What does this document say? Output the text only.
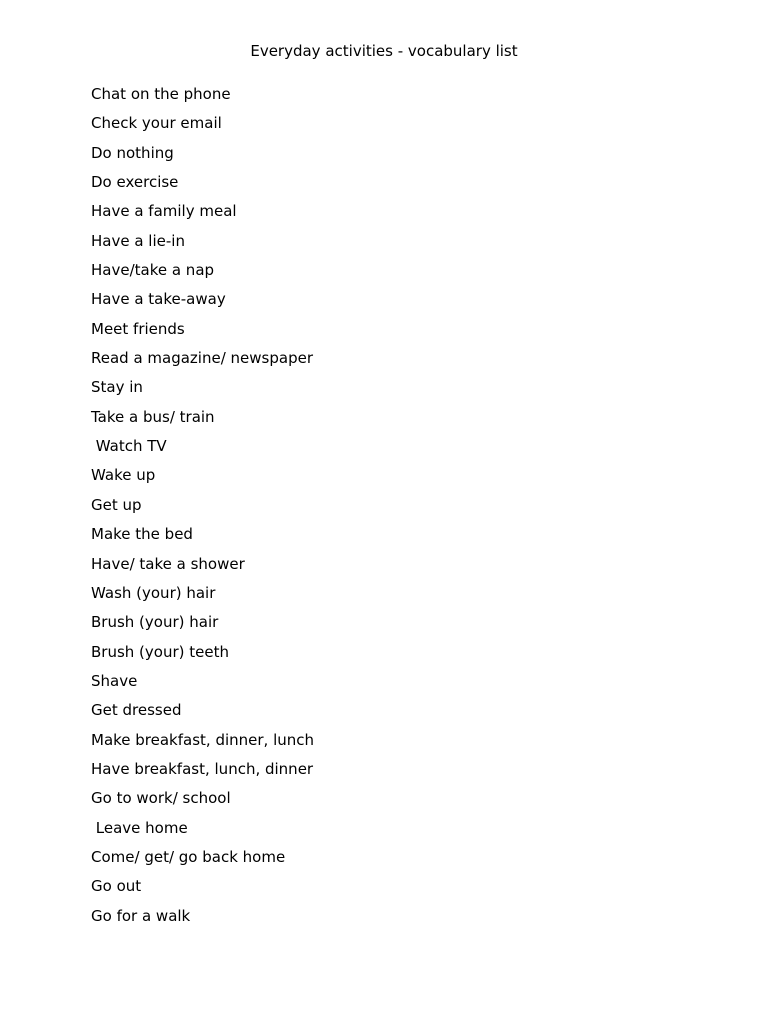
Everyday activities - vocabulary list
Chat on the phone
Check your email
Do nothing
Do exercise
Have a family meal
Have a lie-in
Have/take a nap
Have a take-away
Meet friends
Read a magazine/ newspaper
Stay in
Take a bus/ train
Watch TV
Wake up
Get up
Make the bed
Have/ take a shower
Wash (your) hair
Brush (your) hair
Brush (your) teeth
Shave
Get dressed
Make breakfast, dinner, lunch
Have breakfast, lunch, dinner
Go to work/ school
Leave home
Come/ get/ go back home
Go out
Go for a walk
